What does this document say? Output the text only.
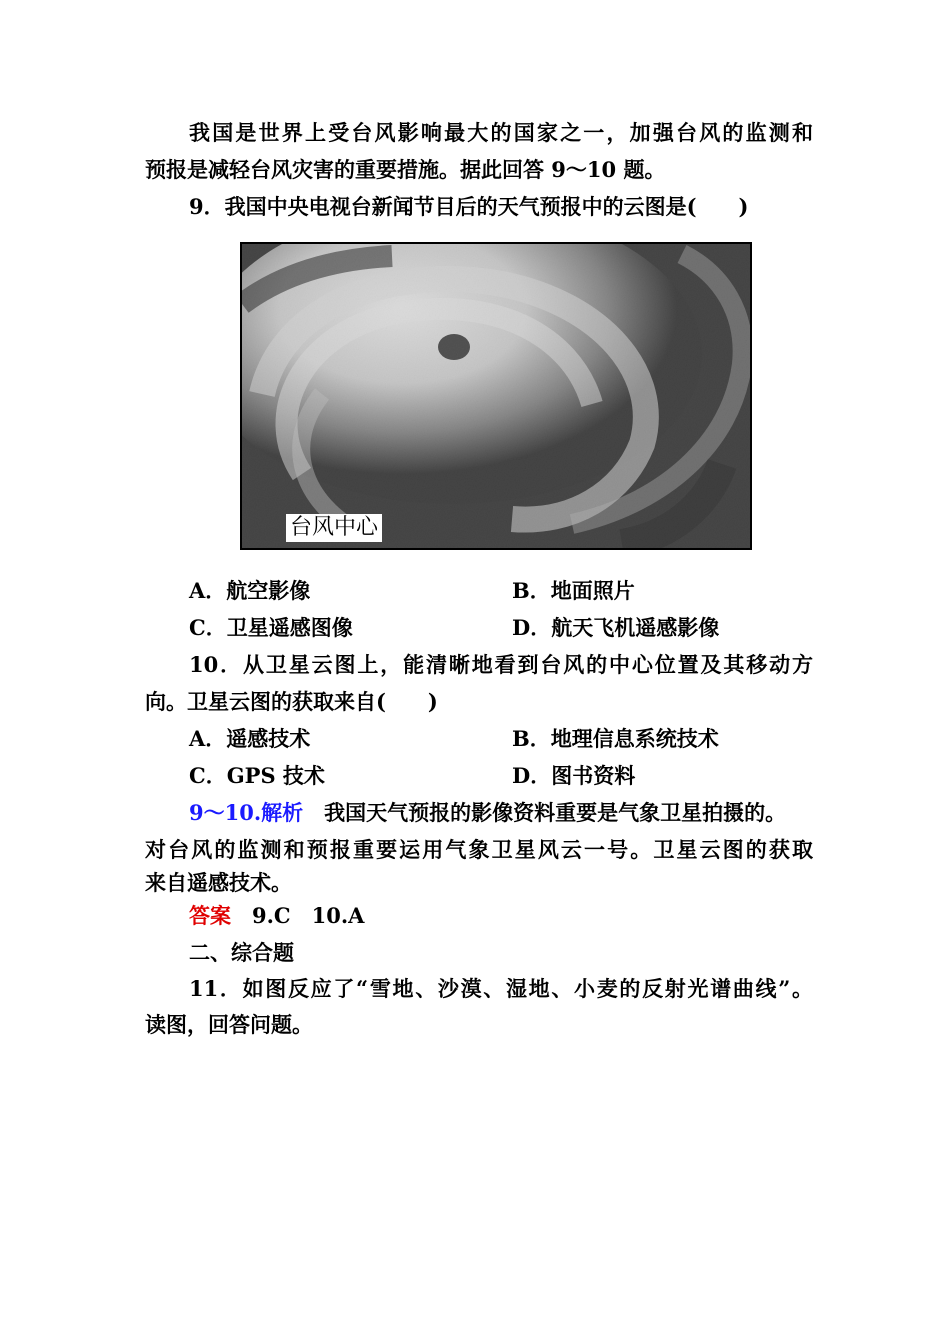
我国是世界上受台风影响最大的国家之一，加强台风的监测和
预报是减轻台风灾害的重要措施。据此回答 9～10 题。
9．我国中央电视台新闻节目后的天气预报中的云图是(　　)
台风中心
A．航空影像	B．地面照片
C．卫星遥感图像	D．航天飞机遥感影像
10．从卫星云图上，能清晰地看到台风的中心位置及其移动方
向。卫星云图的获取来自(　　)
A．遥感技术	B．地理信息系统技术
C．GPS 技术	D．图书资料
9～10.解析　我国天气预报的影像资料重要是气象卫星拍摄的。
对台风的监测和预报重要运用气象卫星风云一号。卫星云图的获取
来自遥感技术。
答案　9.C　10.A
二、综合题
11．如图反应了“雪地、沙漠、湿地、小麦的反射光谱曲线”。
读图，回答问题。
